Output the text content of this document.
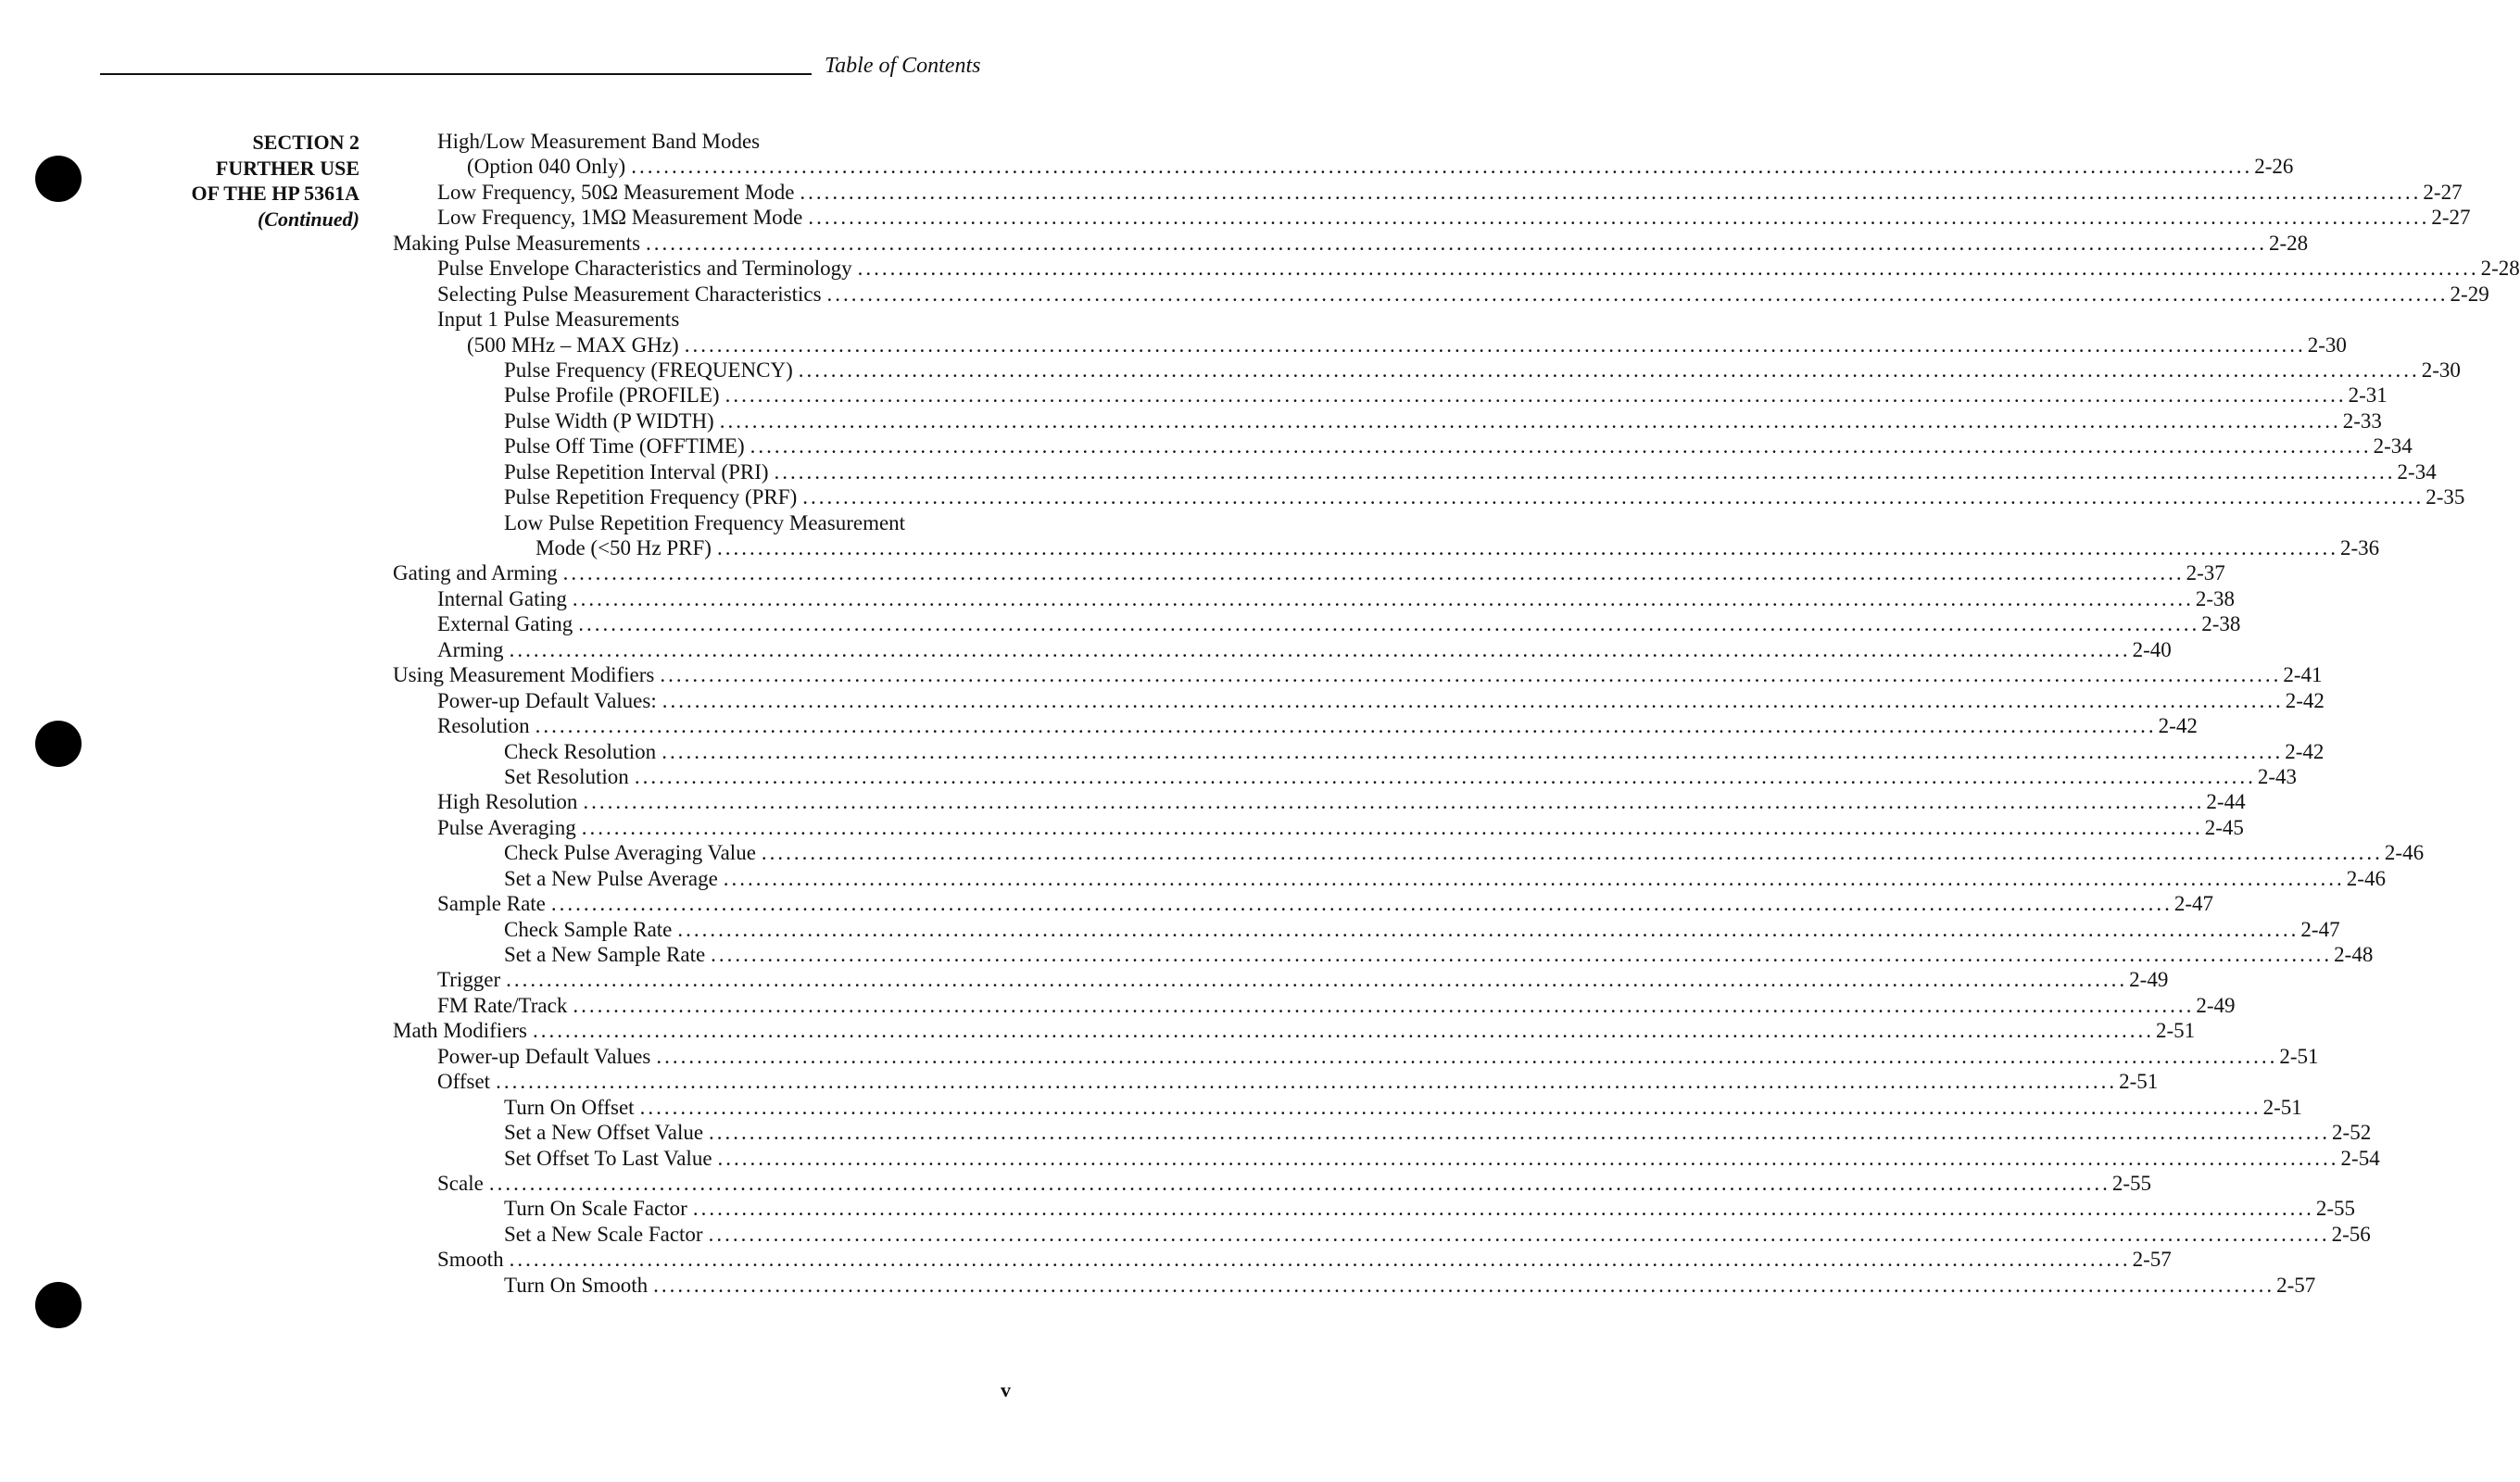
Table of Contents
SECTION 2
FURTHER USE
OF THE HP 5361A
(Continued)
High/Low Measurement Band Modes
(Option 040 Only) ........................................................................................................................................................................................................ 2-26
Low Frequency, 50Ω Measurement Mode ........................................................................................................................................................................................................ 2-27
Low Frequency, 1MΩ Measurement Mode ........................................................................................................................................................................................................ 2-27
Making Pulse Measurements ........................................................................................................................................................................................................ 2-28
Pulse Envelope Characteristics and Terminology ........................................................................................................................................................................................................ 2-28
Selecting Pulse Measurement Characteristics ........................................................................................................................................................................................................ 2-29
Input 1 Pulse Measurements
(500 MHz – MAX GHz) ........................................................................................................................................................................................................ 2-30
Pulse Frequency (FREQUENCY) ........................................................................................................................................................................................................ 2-30
Pulse Profile (PROFILE) ........................................................................................................................................................................................................ 2-31
Pulse Width (P WIDTH) ........................................................................................................................................................................................................ 2-33
Pulse Off Time (OFFTIME) ........................................................................................................................................................................................................ 2-34
Pulse Repetition Interval (PRI) ........................................................................................................................................................................................................ 2-34
Pulse Repetition Frequency (PRF) ........................................................................................................................................................................................................ 2-35
Low Pulse Repetition Frequency Measurement
Mode (<50 Hz PRF) ........................................................................................................................................................................................................ 2-36
Gating and Arming ........................................................................................................................................................................................................ 2-37
Internal Gating ........................................................................................................................................................................................................ 2-38
External Gating ........................................................................................................................................................................................................ 2-38
Arming ........................................................................................................................................................................................................ 2-40
Using Measurement Modifiers ........................................................................................................................................................................................................ 2-41
Power-up Default Values: ........................................................................................................................................................................................................ 2-42
Resolution ........................................................................................................................................................................................................ 2-42
Check Resolution ........................................................................................................................................................................................................ 2-42
Set Resolution ........................................................................................................................................................................................................ 2-43
High Resolution ........................................................................................................................................................................................................ 2-44
Pulse Averaging ........................................................................................................................................................................................................ 2-45
Check Pulse Averaging Value ........................................................................................................................................................................................................ 2-46
Set a New Pulse Average ........................................................................................................................................................................................................ 2-46
Sample Rate ........................................................................................................................................................................................................ 2-47
Check Sample Rate ........................................................................................................................................................................................................ 2-47
Set a New Sample Rate ........................................................................................................................................................................................................ 2-48
Trigger ........................................................................................................................................................................................................ 2-49
FM Rate/Track ........................................................................................................................................................................................................ 2-49
Math Modifiers ........................................................................................................................................................................................................ 2-51
Power-up Default Values ........................................................................................................................................................................................................ 2-51
Offset ........................................................................................................................................................................................................ 2-51
Turn On Offset ........................................................................................................................................................................................................ 2-51
Set a New Offset Value ........................................................................................................................................................................................................ 2-52
Set Offset To Last Value ........................................................................................................................................................................................................ 2-54
Scale ........................................................................................................................................................................................................ 2-55
Turn On Scale Factor ........................................................................................................................................................................................................ 2-55
Set a New Scale Factor ........................................................................................................................................................................................................ 2-56
Smooth ........................................................................................................................................................................................................ 2-57
Turn On Smooth ........................................................................................................................................................................................................ 2-57
v
